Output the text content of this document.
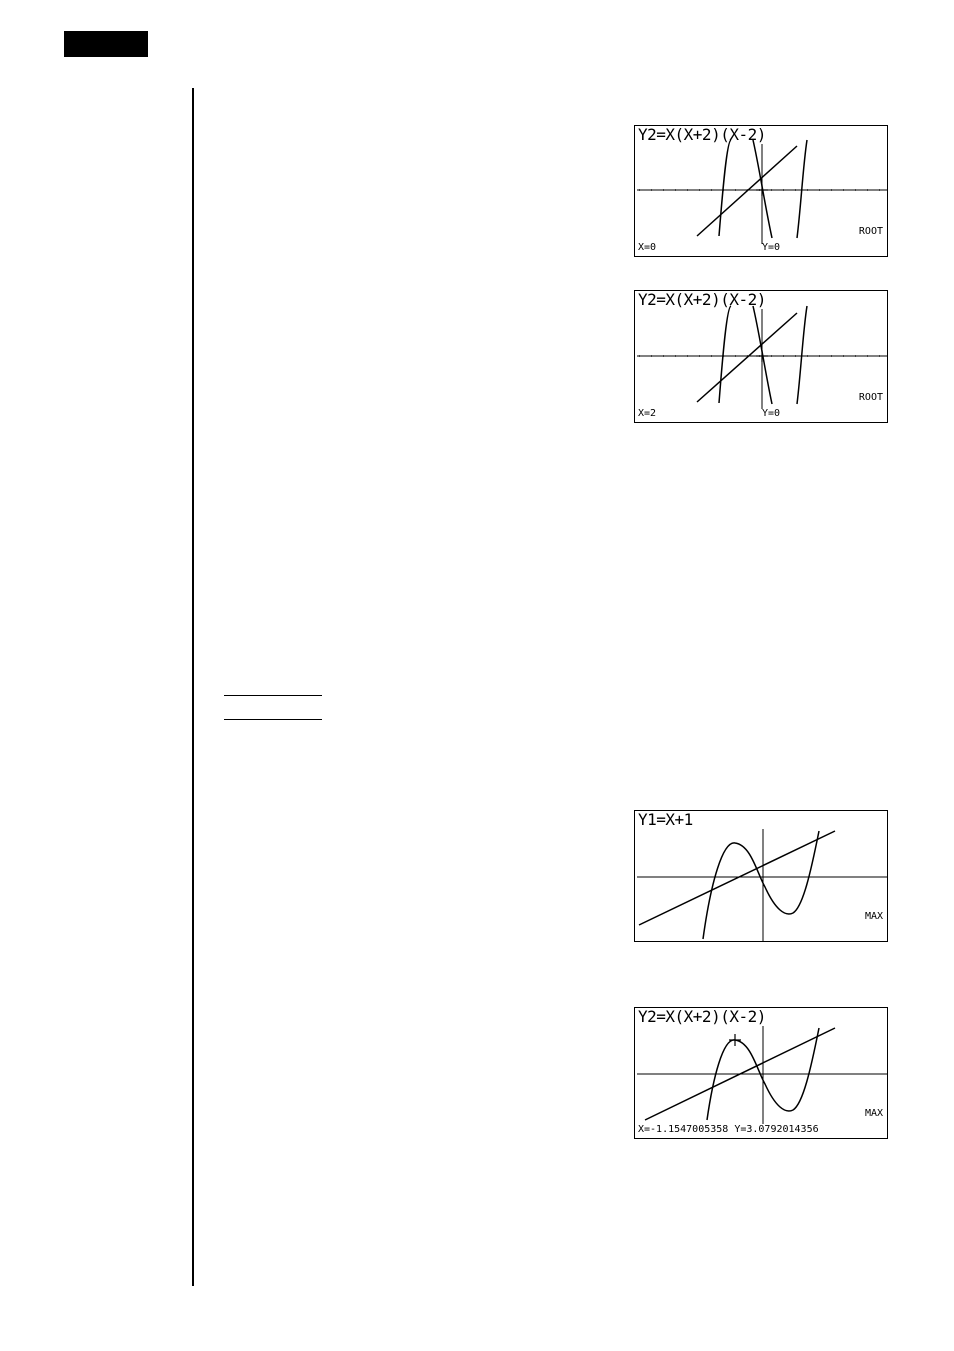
Y2=X(X+2)(X-2)
ROOT
X=0	Y=0
Y2=X(X+2)(X-2)
ROOT
X=2	Y=0
Y1=X+1
MAX
Y2=X(X+2)(X-2)
MAX
X=-1.1547005358 Y=3.0792014356
